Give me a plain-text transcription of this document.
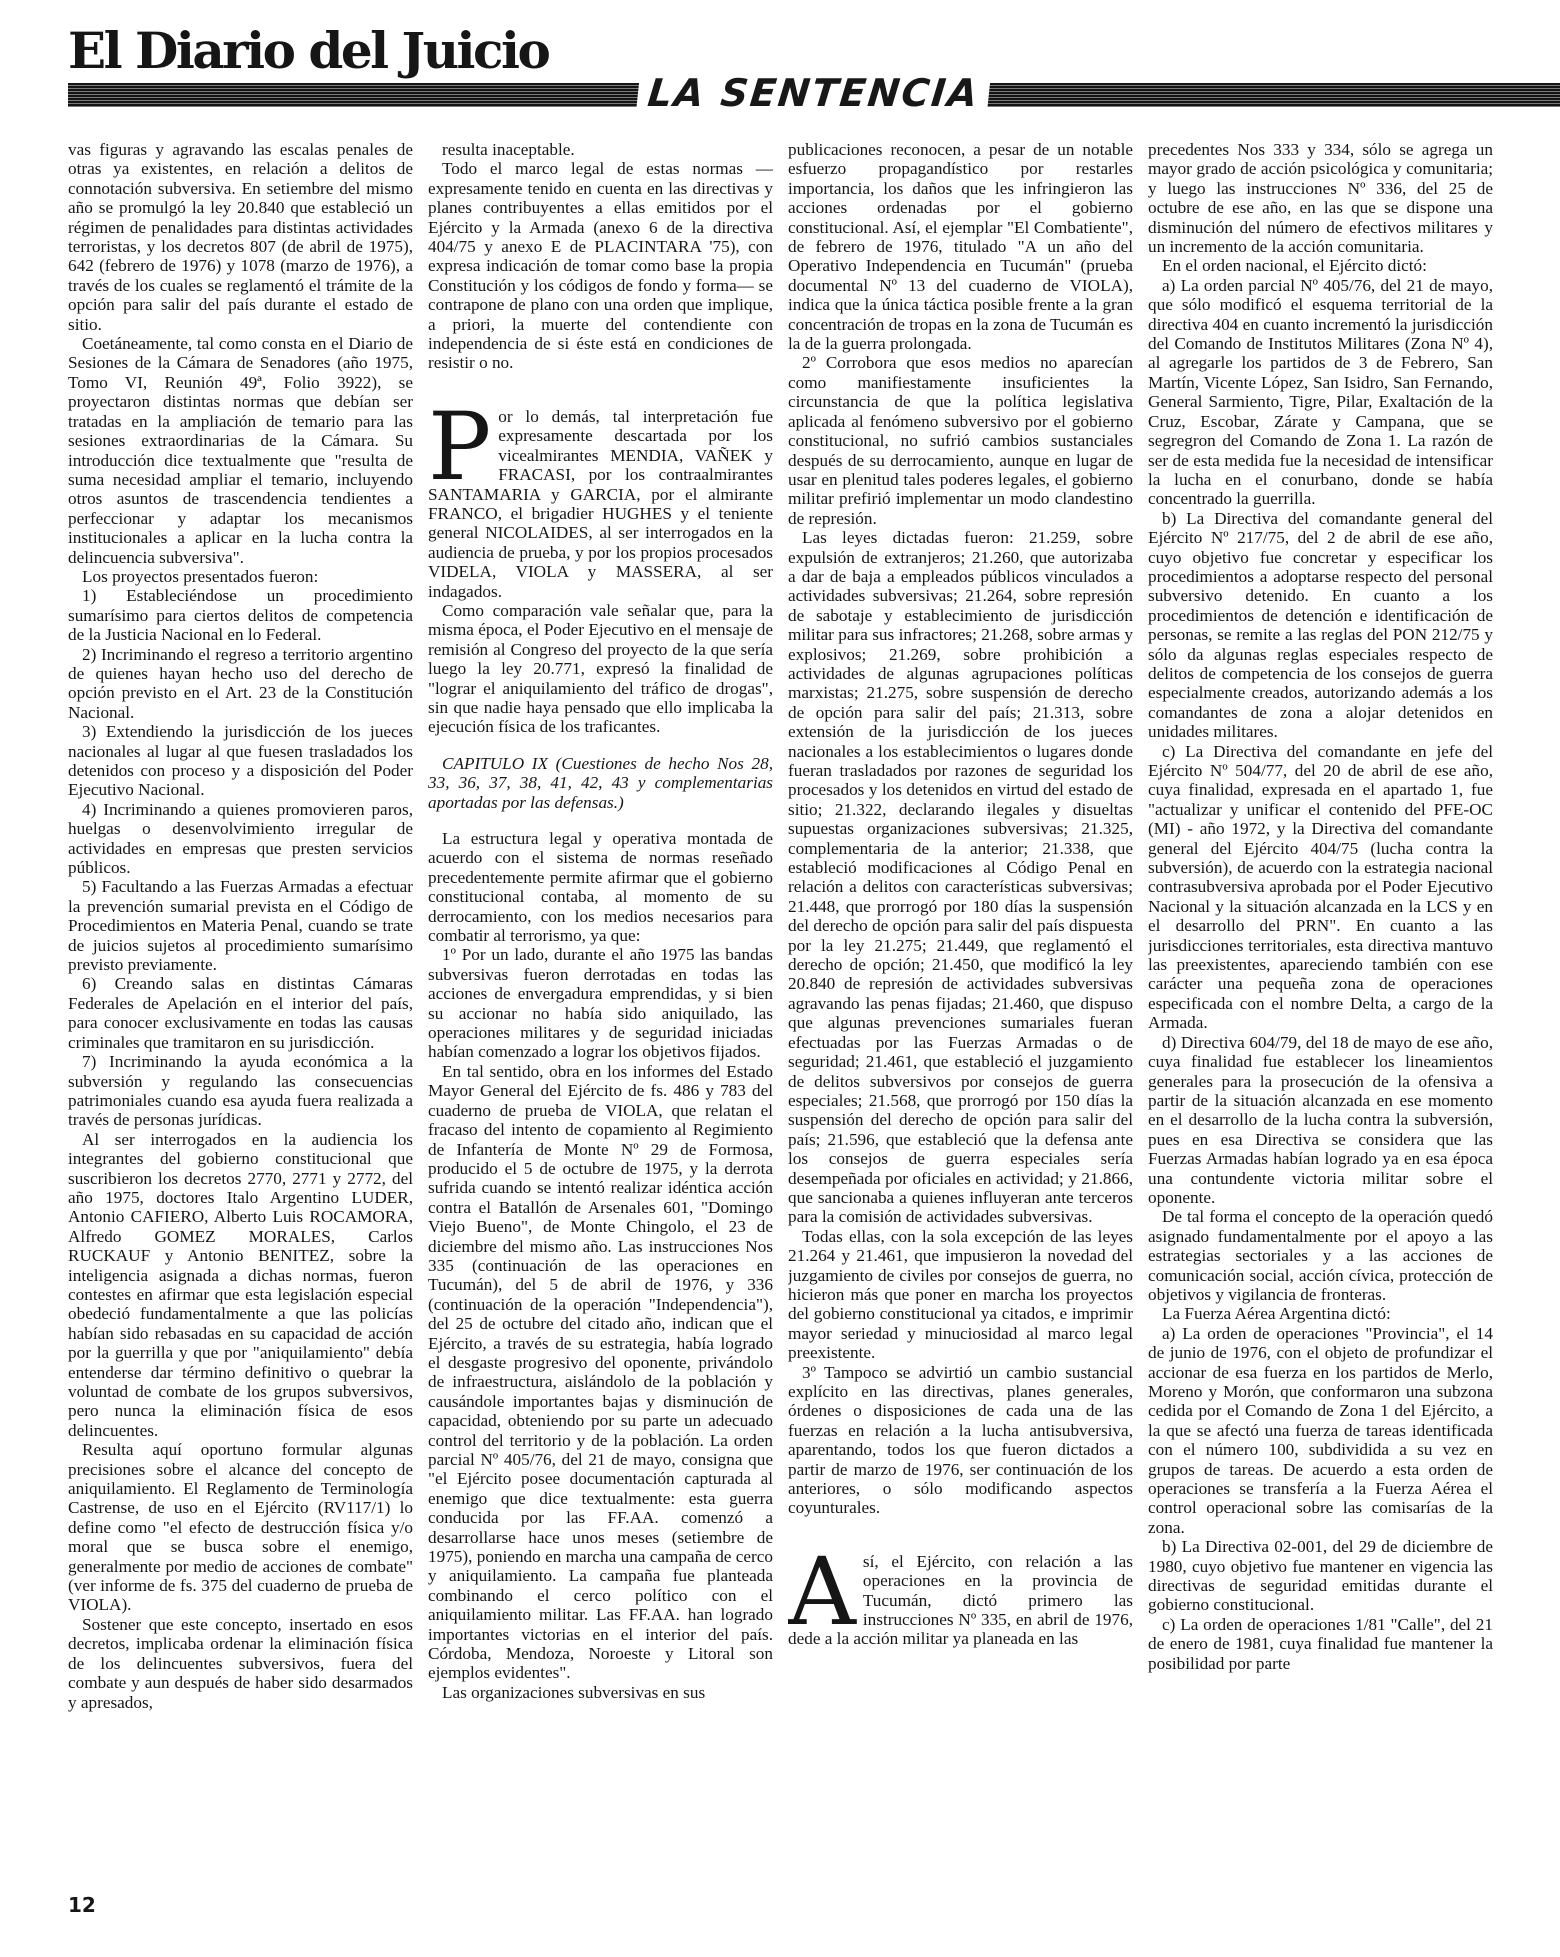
El Diario del Juicio
LA SENTENCIA

vas figuras y agravando las escalas penales de otras ya existentes, en relación a delitos de connotación subversiva. En setiembre del mismo año se promulgó la ley 20.840 que estableció un régimen de penalidades para distintas actividades terroristas, y los decretos 807 (de abril de 1975), 642 (febrero de 1976) y 1078 (marzo de 1976), a través de los cuales se reglamentó el trámite de la opción para salir del país durante el estado de sitio.

Coetáneamente, tal como consta en el Diario de Sesiones de la Cámara de Senadores (año 1975, Tomo VI, Reunión 49ª, Folio 3922), se proyectaron distintas normas que debían ser tratadas en la ampliación de temario para las sesiones extraordinarias de la Cámara. Su introducción dice textualmente que "resulta de suma necesidad ampliar el temario, incluyendo otros asuntos de trascendencia tendientes a perfeccionar y adaptar los mecanismos institucionales a aplicar en la lucha contra la delincuencia subversiva".

Los proyectos presentados fueron:

1) Estableciéndose un procedimiento sumarísimo para ciertos delitos de competencia de la Justicia Nacional en lo Federal.

2) Incriminando el regreso a territorio argentino de quienes hayan hecho uso del derecho de opción previsto en el Art. 23 de la Constitución Nacional.

3) Extendiendo la jurisdicción de los jueces nacionales al lugar al que fuesen trasladados los detenidos con proceso y a disposición del Poder Ejecutivo Nacional.

4) Incriminando a quienes promovieren paros, huelgas o desenvolvimiento irregular de actividades en empresas que presten servicios públicos.

5) Facultando a las Fuerzas Armadas a efectuar la prevención sumarial prevista en el Código de Procedimientos en Materia Penal, cuando se trate de juicios sujetos al procedimiento sumarísimo previsto previamente.

6) Creando salas en distintas Cámaras Federales de Apelación en el interior del país, para conocer exclusivamente en todas las causas criminales que tramitaron en su jurisdicción.

7) Incriminando la ayuda económica a la subversión y regulando las consecuencias patrimoniales cuando esa ayuda fuera realizada a través de personas jurídicas.

Al ser interrogados en la audiencia los integrantes del gobierno constitucional que suscribieron los decretos 2770, 2771 y 2772, del año 1975, doctores Italo Argentino LUDER, Antonio CAFIERO, Alberto Luis ROCAMORA, Alfredo GOMEZ MORALES, Carlos RUCKAUF y Antonio BENITEZ, sobre la inteligencia asignada a dichas normas, fueron contestes en afirmar que esta legislación especial obedeció fundamentalmente a que las policías habían sido rebasadas en su capacidad de acción por la guerrilla y que por "aniquilamiento" debía entenderse dar término definitivo o quebrar la voluntad de combate de los grupos subversivos, pero nunca la eliminación física de esos delincuentes.

Resulta aquí oportuno formular algunas precisiones sobre el alcance del concepto de aniquilamiento. El Reglamento de Terminología Castrense, de uso en el Ejército (RV117/1) lo define como "el efecto de destrucción física y/o moral que se busca sobre el enemigo, generalmente por medio de acciones de combate" (ver informe de fs. 375 del cuaderno de prueba de VIOLA).

Sostener que este concepto, insertado en esos decretos, implicaba ordenar la eliminación física de los delincuentes subversivos, fuera del combate y aun después de haber sido desarmados y apresados,

resulta inaceptable.

Todo el marco legal de estas normas —expresamente tenido en cuenta en las directivas y planes contribuyentes a ellas emitidos por el Ejército y la Armada (anexo 6 de la directiva 404/75 y anexo E de PLACINTARA '75), con expresa indicación de tomar como base la propia Constitución y los códigos de fondo y forma— se contrapone de plano con una orden que implique, a priori, la muerte del contendiente con independencia de si éste está en condiciones de resistir o no.

Por lo demás, tal interpretación fue expresamente descartada por los vicealmirantes MENDIA, VAÑEK y FRACASI, por los contraalmirantes SANTAMARIA y GARCIA, por el almirante FRANCO, el brigadier HUGHES y el teniente general NICOLAIDES, al ser interrogados en la audiencia de prueba, y por los propios procesados VIDELA, VIOLA y MASSERA, al ser indagados.

Como comparación vale señalar que, para la misma época, el Poder Ejecutivo en el mensaje de remisión al Congreso del proyecto de la que sería luego la ley 20.771, expresó la finalidad de "lograr el aniquilamiento del tráfico de drogas", sin que nadie haya pensado que ello implicaba la ejecución física de los traficantes.

CAPITULO IX (Cuestiones de hecho Nos 28, 33, 36, 37, 38, 41, 42, 43 y complementarias aportadas por las defensas.)

La estructura legal y operativa montada de acuerdo con el sistema de normas reseñado precedentemente permite afirmar que el gobierno constitucional contaba, al momento de su derrocamiento, con los medios necesarios para combatir al terrorismo, ya que:

1º Por un lado, durante el año 1975 las bandas subversivas fueron derrotadas en todas las acciones de envergadura emprendidas, y si bien su accionar no había sido aniquilado, las operaciones militares y de seguridad iniciadas habían comenzado a lograr los objetivos fijados.

En tal sentido, obra en los informes del Estado Mayor General del Ejército de fs. 486 y 783 del cuaderno de prueba de VIOLA, que relatan el fracaso del intento de copamiento al Regimiento de Infantería de Monte Nº 29 de Formosa, producido el 5 de octubre de 1975, y la derrota sufrida cuando se intentó realizar idéntica acción contra el Batallón de Arsenales 601, "Domingo Viejo Bueno", de Monte Chingolo, el 23 de diciembre del mismo año. Las instrucciones Nos 335 (continuación de las operaciones en Tucumán), del 5 de abril de 1976, y 336 (continuación de la operación "Independencia"), del 25 de octubre del citado año, indican que el Ejército, a través de su estrategia, había logrado el desgaste progresivo del oponente, privándolo de infraestructura, aislándolo de la población y causándole importantes bajas y disminución de capacidad, obteniendo por su parte un adecuado control del territorio y de la población. La orden parcial Nº 405/76, del 21 de mayo, consigna que "el Ejército posee documentación capturada al enemigo que dice textualmente: esta guerra conducida por las FF.AA. comenzó a desarrollarse hace unos meses (setiembre de 1975), poniendo en marcha una campaña de cerco y aniquilamiento. La campaña fue planteada combinando el cerco político con el aniquilamiento militar. Las FF.AA. han logrado importantes victorias en el interior del país. Córdoba, Mendoza, Noroeste y Litoral son ejemplos evidentes".

Las organizaciones subversivas en sus

publicaciones reconocen, a pesar de un notable esfuerzo propagandístico por restarles importancia, los daños que les infringieron las acciones ordenadas por el gobierno constitucional. Así, el ejemplar "El Combatiente", de febrero de 1976, titulado "A un año del Operativo Independencia en Tucumán" (prueba documental Nº 13 del cuaderno de VIOLA), indica que la única táctica posible frente a la gran concentración de tropas en la zona de Tucumán es la de la guerra prolongada.

2º Corrobora que esos medios no aparecían como manifiestamente insuficientes la circunstancia de que la política legislativa aplicada al fenómeno subversivo por el gobierno constitucional, no sufrió cambios sustanciales después de su derrocamiento, aunque en lugar de usar en plenitud tales poderes legales, el gobierno militar prefirió implementar un modo clandestino de represión.

Las leyes dictadas fueron: 21.259, sobre expulsión de extranjeros; 21.260, que autorizaba a dar de baja a empleados públicos vinculados a actividades subversivas; 21.264, sobre represión de sabotaje y establecimiento de jurisdicción militar para sus infractores; 21.268, sobre armas y explosivos; 21.269, sobre prohibición a actividades de algunas agrupaciones políticas marxistas; 21.275, sobre suspensión de derecho de opción para salir del país; 21.313, sobre extensión de la jurisdicción de los jueces nacionales a los establecimientos o lugares donde fueran trasladados por razones de seguridad los procesados y los detenidos en virtud del estado de sitio; 21.322, declarando ilegales y disueltas supuestas organizaciones subversivas; 21.325, complementaria de la anterior; 21.338, que estableció modificaciones al Código Penal en relación a delitos con características subversivas; 21.448, que prorrogó por 180 días la suspensión del derecho de opción para salir del país dispuesta por la ley 21.275; 21.449, que reglamentó el derecho de opción; 21.450, que modificó la ley 20.840 de represión de actividades subversivas agravando las penas fijadas; 21.460, que dispuso que algunas prevenciones sumariales fueran efectuadas por las Fuerzas Armadas o de seguridad; 21.461, que estableció el juzgamiento de delitos subversivos por consejos de guerra especiales; 21.568, que prorrogó por 150 días la suspensión del derecho de opción para salir del país; 21.596, que estableció que la defensa ante los consejos de guerra especiales sería desempeñada por oficiales en actividad; y 21.866, que sancionaba a quienes influyeran ante terceros para la comisión de actividades subversivas.

Todas ellas, con la sola excepción de las leyes 21.264 y 21.461, que impusieron la novedad del juzgamiento de civiles por consejos de guerra, no hicieron más que poner en marcha los proyectos del gobierno constitucional ya citados, e imprimir mayor seriedad y minuciosidad al marco legal preexistente.

3º Tampoco se advirtió un cambio sustancial explícito en las directivas, planes generales, órdenes o disposiciones de cada una de las fuerzas en relación a la lucha antisubversiva, aparentando, todos los que fueron dictados a partir de marzo de 1976, ser continuación de los anteriores, o sólo modificando aspectos coyunturales.

Así, el Ejército, con relación a las operaciones en la provincia de Tucumán, dictó primero las instrucciones Nº 335, en abril de 1976, dede a la acción militar ya planeada en las

precedentes Nos 333 y 334, sólo se agrega un mayor grado de acción psicológica y comunitaria; y luego las instrucciones Nº 336, del 25 de octubre de ese año, en las que se dispone una disminución del número de efectivos militares y un incremento de la acción comunitaria.

En el orden nacional, el Ejército dictó:

a) La orden parcial Nº 405/76, del 21 de mayo, que sólo modificó el esquema territorial de la directiva 404 en cuanto incrementó la jurisdicción del Comando de Institutos Militares (Zona Nº 4), al agregarle los partidos de 3 de Febrero, San Martín, Vicente López, San Isidro, San Fernando, General Sarmiento, Tigre, Pilar, Exaltación de la Cruz, Escobar, Zárate y Campana, que se segregron del Comando de Zona 1. La razón de ser de esta medida fue la necesidad de intensificar la lucha en el conurbano, donde se había concentrado la guerrilla.

b) La Directiva del comandante general del Ejército Nº 217/75, del 2 de abril de ese año, cuyo objetivo fue concretar y especificar los procedimientos a adoptarse respecto del personal subversivo detenido. En cuanto a los procedimientos de detención e identificación de personas, se remite a las reglas del PON 212/75 y sólo da algunas reglas especiales respecto de delitos de competencia de los consejos de guerra especialmente creados, autorizando además a los comandantes de zona a alojar detenidos en unidades militares.

c) La Directiva del comandante en jefe del Ejército Nº 504/77, del 20 de abril de ese año, cuya finalidad, expresada en el apartado 1, fue "actualizar y unificar el contenido del PFE-OC (MI) - año 1972, y la Directiva del comandante general del Ejército 404/75 (lucha contra la subversión), de acuerdo con la estrategia nacional contrasubversiva aprobada por el Poder Ejecutivo Nacional y la situación alcanzada en la LCS y en el desarrollo del PRN". En cuanto a las jurisdicciones territoriales, esta directiva mantuvo las preexistentes, apareciendo también con ese carácter una pequeña zona de operaciones especificada con el nombre Delta, a cargo de la Armada.

d) Directiva 604/79, del 18 de mayo de ese año, cuya finalidad fue establecer los lineamientos generales para la prosecución de la ofensiva a partir de la situación alcanzada en ese momento en el desarrollo de la lucha contra la subversión, pues en esa Directiva se considera que las Fuerzas Armadas habían logrado ya en esa época una contundente victoria militar sobre el oponente.

De tal forma el concepto de la operación quedó asignado fundamentalmente por el apoyo a las estrategias sectoriales y a las acciones de comunicación social, acción cívica, protección de objetivos y vigilancia de fronteras.

La Fuerza Aérea Argentina dictó:

a) La orden de operaciones "Provincia", el 14 de junio de 1976, con el objeto de profundizar el accionar de esa fuerza en los partidos de Merlo, Moreno y Morón, que conformaron una subzona cedida por el Comando de Zona 1 del Ejército, a la que se afectó una fuerza de tareas identificada con el número 100, subdividida a su vez en grupos de tareas. De acuerdo a esta orden de operaciones se transfería a la Fuerza Aérea el control operacional sobre las comisarías de la zona.

b) La Directiva 02-001, del 29 de diciembre de 1980, cuyo objetivo fue mantener en vigencia las directivas de seguridad emitidas durante el gobierno constitucional.

c) La orden de operaciones 1/81 "Calle", del 21 de enero de 1981, cuya finalidad fue mantener la posibilidad por parte

12
